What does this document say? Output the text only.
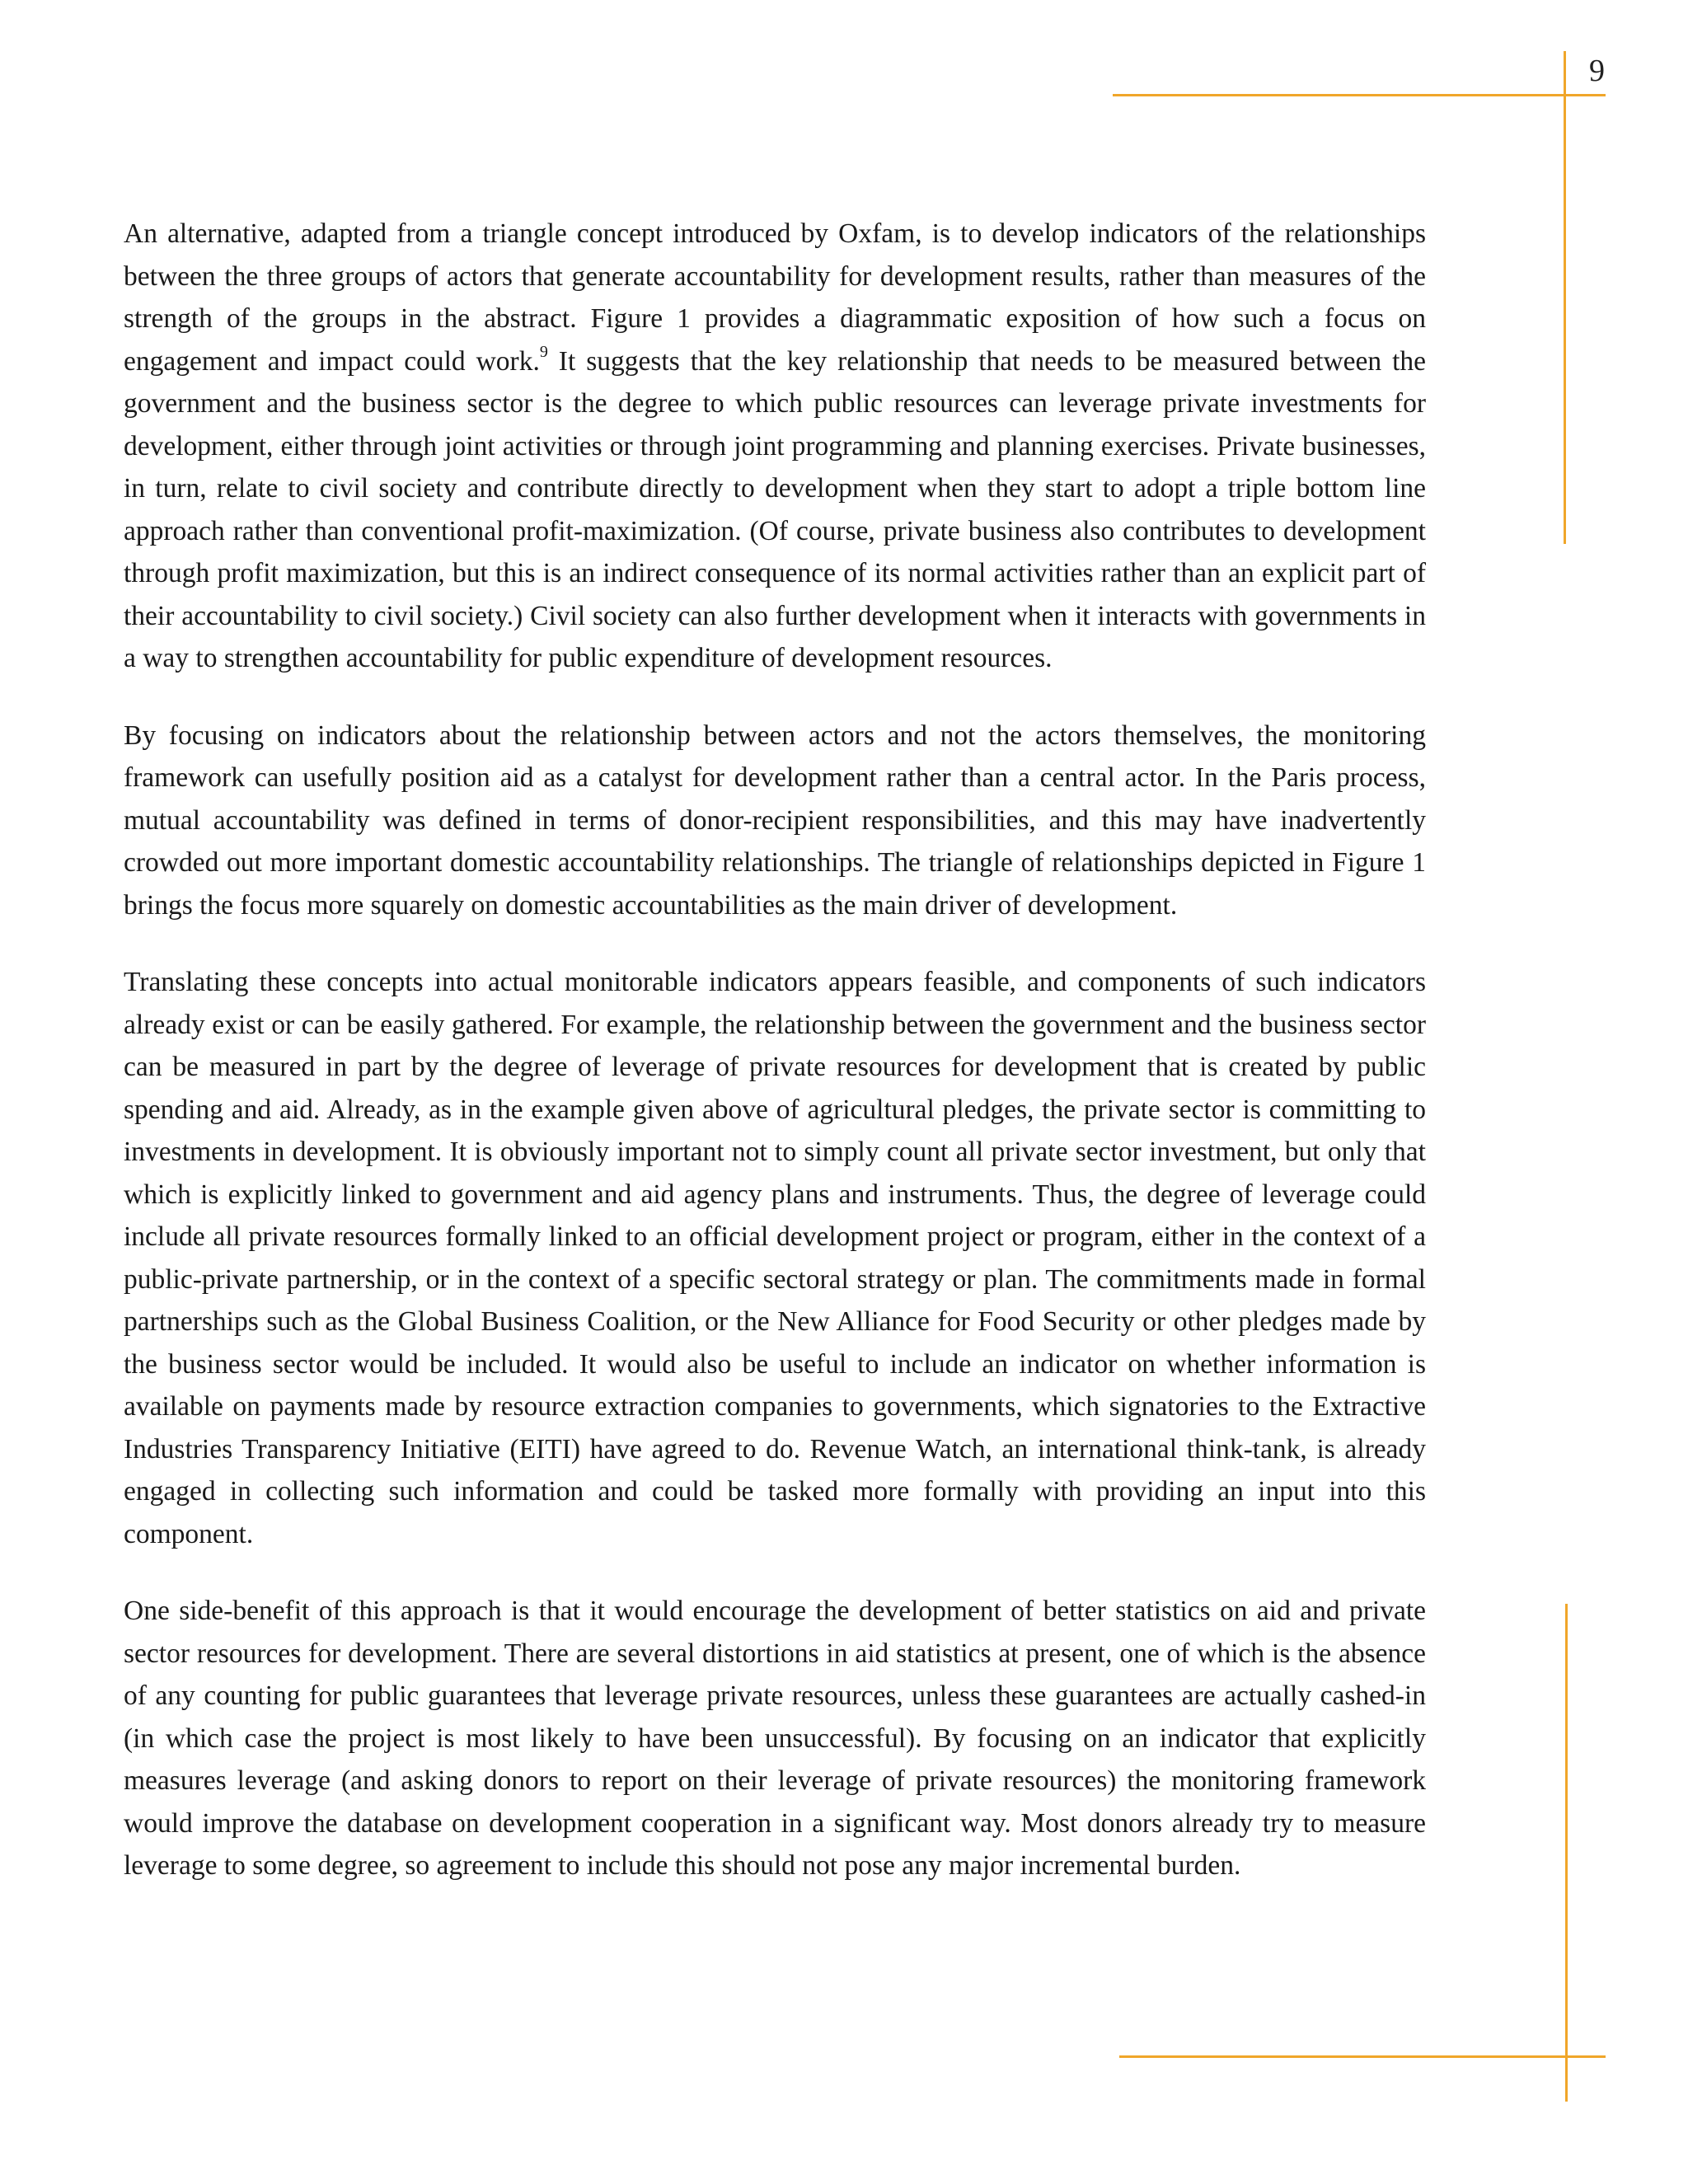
9

An alternative, adapted from a triangle concept introduced by Oxfam, is to develop indicators of the relationships between the three groups of actors that generate accountability for development results, rather than measures of the strength of the groups in the abstract. Figure 1 provides a diagrammatic exposition of how such a focus on engagement and impact could work.$^9$ It suggests that the key relationship that needs to be measured between the government and the business sector is the degree to which public resources can leverage private investments for development, either through joint activities or through joint programming and planning exercises. Private businesses, in turn, relate to civil society and contribute directly to development when they start to adopt a triple bottom line approach rather than conventional profit-maximization. (Of course, private business also contributes to development through profit maximization, but this is an indirect consequence of its normal activities rather than an explicit part of their accountability to civil society.) Civil society can also further development when it interacts with governments in a way to strengthen accountability for public expenditure of development resources.

By focusing on indicators about the relationship between actors and not the actors themselves, the monitoring framework can usefully position aid as a catalyst for development rather than a central actor. In the Paris process, mutual accountability was defined in terms of donor-recipient responsibilities, and this may have inadvertently crowded out more important domestic accountability relationships. The triangle of relationships depicted in Figure 1 brings the focus more squarely on domestic accountabilities as the main driver of development.

Translating these concepts into actual monitorable indicators appears feasible, and components of such indicators already exist or can be easily gathered. For example, the relationship between the government and the business sector can be measured in part by the degree of leverage of private resources for development that is created by public spending and aid. Already, as in the example given above of agricultural pledges, the private sector is committing to investments in development. It is obviously important not to simply count all private sector investment, but only that which is explicitly linked to government and aid agency plans and instruments. Thus, the degree of leverage could include all private resources formally linked to an official development project or program, either in the context of a public-private partnership, or in the context of a specific sectoral strategy or plan. The commitments made in formal partnerships such as the Global Business Coalition, or the New Alliance for Food Security or other pledges made by the business sector would be included. It would also be useful to include an indicator on whether information is available on payments made by resource extraction companies to governments, which signatories to the Extractive Industries Transparency Initiative (EITI) have agreed to do. Revenue Watch, an international think-tank, is already engaged in collecting such information and could be tasked more formally with providing an input into this component.

One side-benefit of this approach is that it would encourage the development of better statistics on aid and private sector resources for development. There are several distortions in aid statistics at present, one of which is the absence of any counting for public guarantees that leverage private resources, unless these guarantees are actually cashed-in (in which case the project is most likely to have been unsuccessful). By focusing on an indicator that explicitly measures leverage (and asking donors to report on their leverage of private resources) the monitoring framework would improve the database on development cooperation in a significant way. Most donors already try to measure leverage to some degree, so agreement to include this should not pose any major incremental burden.
